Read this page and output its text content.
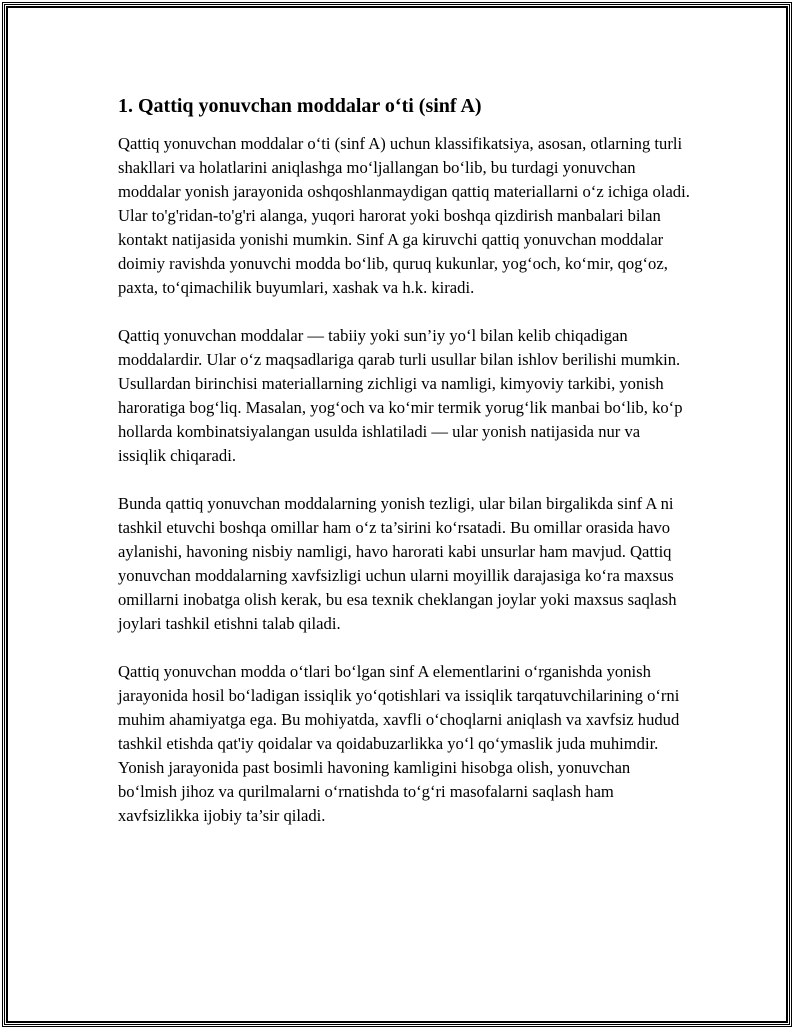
1. Qattiq yonuvchan moddalar o‘ti (sinf A)

Qattiq yonuvchan moddalar o‘ti (sinf A) uchun klassifikatsiya, asosan, otlarning turli shakllari va holatlarini aniqlashga mo‘ljallangan bo‘lib, bu turdagi yonuvchan moddalar yonish jarayonida oshqoshlanmaydigan qattiq materiallarni o‘z ichiga oladi. Ular to'g'ridan-to'g'ri alanga, yuqori harorat yoki boshqa qizdirish manbalari bilan kontakt natijasida yonishi mumkin. Sinf A ga kiruvchi qattiq yonuvchan moddalar doimiy ravishda yonuvchi modda bo‘lib, quruq kukunlar, yog‘och, ko‘mir, qog‘oz, paxta, to‘qimachilik buyumlari, xashak va h.k. kiradi.

Qattiq yonuvchan moddalar — tabiiy yoki sun’iy yo‘l bilan kelib chiqadigan moddalardir. Ular o‘z maqsadlariga qarab turli usullar bilan ishlov berilishi mumkin. Usullardan birinchisi materiallarning zichligi va namligi, kimyoviy tarkibi, yonish haroratiga bog‘liq. Masalan, yog‘och va ko‘mir termik yorug‘lik manbai bo‘lib, ko‘p hollarda kombinatsiyalangan usulda ishlatiladi — ular yonish natijasida nur va issiqlik chiqaradi.

Bunda qattiq yonuvchan moddalarning yonish tezligi, ular bilan birgalikda sinf A ni tashkil etuvchi boshqa omillar ham o‘z ta’sirini ko‘rsatadi. Bu omillar orasida havo aylanishi, havoning nisbiy namligi, havo harorati kabi unsurlar ham mavjud. Qattiq yonuvchan moddalarning xavfsizligi uchun ularni moyillik darajasiga ko‘ra maxsus omillarni inobatga olish kerak, bu esa texnik cheklangan joylar yoki maxsus saqlash joylari tashkil etishni talab qiladi.

Qattiq yonuvchan modda o‘tlari bo‘lgan sinf A elementlarini o‘rganishda yonish jarayonida hosil bo‘ladigan issiqlik yo‘qotishlari va issiqlik tarqatuvchilarining o‘rni muhim ahamiyatga ega. Bu mohiyatda, xavfli o‘choqlarni aniqlash va xavfsiz hudud tashkil etishda qat'iy qoidalar va qoidabuzarlikka yo‘l qo‘ymaslik juda muhimdir. Yonish jarayonida past bosimli havoning kamligini hisobga olish, yonuvchan bo‘lmish jihoz va qurilmalarni o‘rnatishda to‘g‘ri masofalarni saqlash ham xavfsizlikka ijobiy ta’sir qiladi.
